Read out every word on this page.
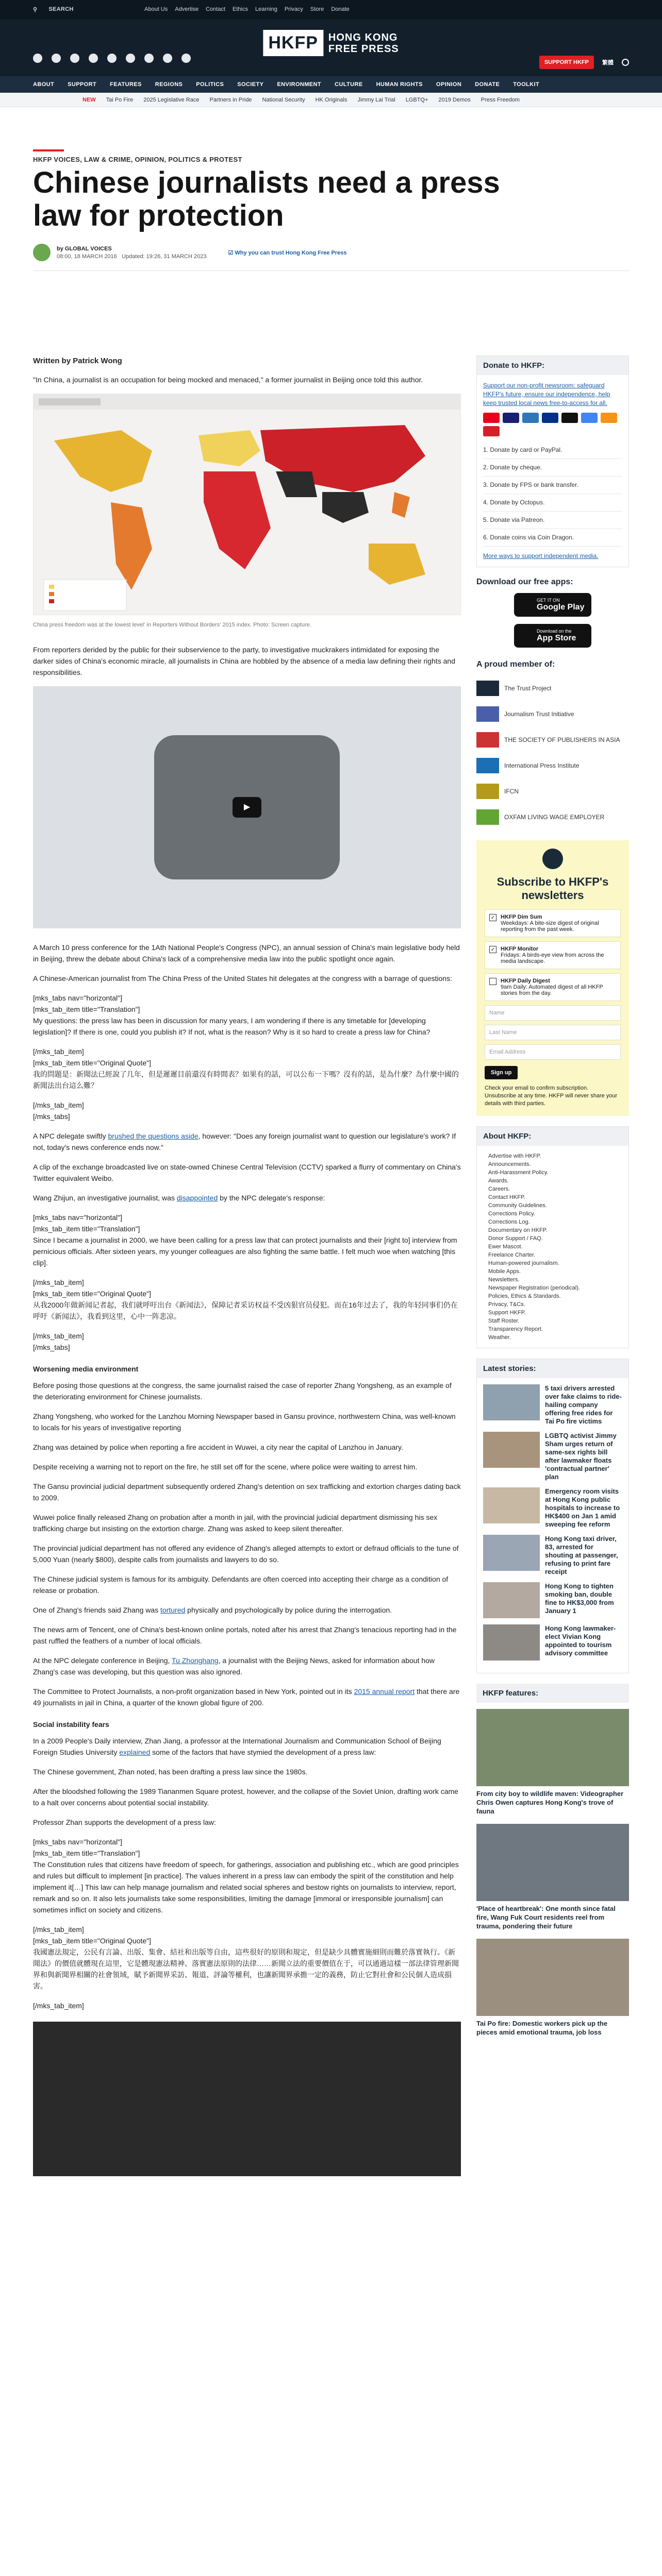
⚲ SEARCH	About Us Advertise Contact Ethics Learning Privacy Store Donate
HKFP	HONG KONG
FREE PRESS
SUPPORT HKFP	繁體
ABOUT SUPPORT FEATURES REGIONS POLITICS SOCIETY ENVIRONMENT CULTURE HUMAN RIGHTS OPINION DONATE TOOLKIT
NEW Tai Po Fire 2025 Legislative Race Partners in Pride National Security HK Originals Jimmy Lai Trial LGBTQ+ 2019 Demos Press Freedom
HKFP VOICES, LAW & CRIME, OPINION, POLITICS & PROTEST
Chinese journalists need a press law for protection
by GLOBAL VOICES
08:00, 18 MARCH 2016 Updated: 19:26, 31 MARCH 2023
☑ Why you can trust Hong Kong Free Press

Written by Patrick Wong

"In China, a journalist is an occupation for being mocked and menaced," a former journalist in Beijing once told this author.

China press freedom was at the lowest level' in Reporters Without Borders' 2015 index. Photo: Screen capture.

From reporters derided by the public for their subservience to the party, to investigative muckrakers intimidated for exposing the darker sides of China's economic miracle, all journalists in China are hobbled by the absence of a media law defining their rights and responsibilities.

▶

A March 10 press conference for the 1Ath National People's Congress (NPC), an annual session of China's main legislative body held in Beijing, threw the debate about China's lack of a comprehensive media law into the public spotlight once again.

A Chinese-American journalist from The China Press of the United States hit delegates at the congress with a barrage of questions:

[mks_tabs nav="horizontal"]
[mks_tab_item title="Translation"]

My questions: the press law has been in discussion for many years, I am wondering if there is any timetable for [developing legislation]? If there is one, could you publish it? If not, what is the reason? Why is it so hard to create a press law for China?

[/mks_tab_item]
[mks_tab_item title="Original Quote"]

我的問題是：新聞法已經說了几年，但是遲遲目前還沒有時間表？如果有的話，可以公布一下嗎？沒有的話，是為什麼？為什麼中國的新聞法出台這么難？

[/mks_tab_item]
[/mks_tabs]

A NPC delegate swiftly brushed the questions aside, however: "Does any foreign journalist want to question our legislature's work? If not, today's news conference ends now."

A clip of the exchange broadcasted live on state-owned Chinese Central Television (CCTV) sparked a flurry of commentary on China's Twitter equivalent Weibo.

Wang Zhijun, an investigative journalist, was disappointed by the NPC delegate's response:

[mks_tabs nav="horizontal"]
[mks_tab_item title="Translation"]

Since I became a journalist in 2000, we have been calling for a press law that can protect journalists and their [right to] interview from pernicious officials. After sixteen years, my younger colleagues are also fighting the same battle. I felt much woe when watching [this clip].

[/mks_tab_item]
[mks_tab_item title="Original Quote"]

从我2000年做新闻记者起，我们就呼吁出台《新闻法》，保障记者采访权益不受凶狠官员侵犯。而在16年过去了，我的年轻同事们仍在呼吁《新闻法》，我看到这里，心中一阵悲凉。

[/mks_tab_item]
[/mks_tabs]
Worsening media environment

Before posing those questions at the congress, the same journalist raised the case of reporter Zhang Yongsheng, as an example of the deteriorating environment for Chinese journalists.

Zhang Yongsheng, who worked for the Lanzhou Morning Newspaper based in Gansu province, northwestern China, was well-known to locals for his years of investigative reporting

Zhang was detained by police when reporting a fire accident in Wuwei, a city near the capital of Lanzhou in January.

Despite receiving a warning not to report on the fire, he still set off for the scene, where police were waiting to arrest him.

The Gansu provincial judicial department subsequently ordered Zhang's detention on sex trafficking and extortion charges dating back to 2009.

Wuwei police finally released Zhang on probation after a month in jail, with the provincial judicial department dismissing his sex trafficking charge but insisting on the extortion charge. Zhang was asked to keep silent thereafter.

The provincial judicial department has not offered any evidence of Zhang's alleged attempts to extort or defraud officials to the tune of 5,000 Yuan (nearly $800), despite calls from journalists and lawyers to do so.

The Chinese judicial system is famous for its ambiguity. Defendants are often coerced into accepting their charge as a condition of release or probation.

One of Zhang's friends said Zhang was tortured physically and psychologically by police during the interrogation.

The news arm of Tencent, one of China's best-known online portals, noted after his arrest that Zhang's tenacious reporting had in the past ruffled the feathers of a number of local officials.

At the NPC delegate conference in Beijing, Tu Zhonghang, a journalist with the Beijing News, asked for information about how Zhang's case was developing, but this question was also ignored.

The Committee to Protect Journalists, a non-profit organization based in New York, pointed out in its 2015 annual report that there are 49 journalists in jail in China, a quarter of the known global figure of 200.

Social instability fears

In a 2009 People's Daily interview, Zhan Jiang, a professor at the International Journalism and Communication School of Beijing Foreign Studies University explained some of the factors that have stymied the development of a press law:

The Chinese government, Zhan noted, has been drafting a press law since the 1980s.

After the bloodshed following the 1989 Tiananmen Square protest, however, and the collapse of the Soviet Union, drafting work came to a halt over concerns about potential social instability.

Professor Zhan supports the development of a press law:

[mks_tabs nav="horizontal"]
[mks_tab_item title="Translation"]

The Constitution rules that citizens have freedom of speech, for gatherings, association and publishing etc., which are good principles and rules but difficult to implement [in practice]. The values inherent in a press law can embody the spirit of the constitution and help implement it[…] This law can help manage journalism and related social spheres and bestow rights on journalists to interview, report, remark and so on. It also lets journalists take some responsibilities, limiting the damage [immoral or irresponsible journalism] can sometimes inflict on society and citizens.

[/mks_tab_item]
[mks_tab_item title="Original Quote"]

我國憲法規定，公民有言論、出版、集會、結社和出版等自由，這些很好的原則和規定，但是缺少具體實施細則而難於落實執行。《新聞法》的價值就體現在這里，它是體現憲法精神、落實憲法原則的法律……新聞立法的重要價值在于，可以通過這樣一部法律管理新聞界和與新聞界相關的社會領域，賦予新聞界采訪、報道、評論等權利，也讓新聞界承擔一定的義務，防止它對社會和公民個人造成損害。

[/mks_tab_item]
Donate to HKFP:
Support our non-profit newsroom: safeguard HKFP's future, ensure our independence, help keep trusted local news free-to-access for all.
1. Donate by card or PayPal.
2. Donate by cheque.
3. Donate by FPS or bank transfer.
4. Donate by Octopus.
5. Donate via Patreon.
6. Donate coins via Coin Dragon.
More ways to support independent media.
Download our free apps:
GET IT ON
Google Play
Download on the
App Store
A proud member of:
The Trust Project
Journalism Trust Initiative
THE SOCIETY OF PUBLISHERS IN ASIA
International Press Institute
IFCN
OXFAM LIVING WAGE EMPLOYER
Subscribe to HKFP's newsletters
✓ HKFP Dim Sum
Weekdays: A bite-size digest of original reporting from the past week.
✓ HKFP Monitor
Fridays: A birds-eye view from across the media landscape.
HKFP Daily Digest
9am Daily: Automated digest of all HKFP stories from the day.
Name
Last Name
Email Address
Sign up
Check your email to confirm subscription. Unsubscribe at any time. HKFP will never share your details with third parties.
About HKFP:
Advertise with HKFP.
Announcements.
Anti-Harassment Policy.
Awards.
Careers.
Contact HKFP.
Community Guidelines.
Corrections Policy.
Corrections Log.
Documentary on HKFP.
Donor Support / FAQ.
Ewer Mascot.
Freelance Charter.
Human-powered journalism.
Mobile Apps.
Newsletters.
Newspaper Registration (periodical).
Policies, Ethics & Standards.
Privacy, T&Cs.
Support HKFP.
Staff Roster.
Transparency Report.
Weather.
Latest stories:
5 taxi drivers arrested over fake claims to ride-hailing company offering free rides for Tai Po fire victims
LGBTQ activist Jimmy Sham urges return of same-sex rights bill after lawmaker floats 'contractual partner' plan
Emergency room visits at Hong Kong public hospitals to increase to HK$400 on Jan 1 amid sweeping fee reform
Hong Kong taxi driver, 83, arrested for shouting at passenger, refusing to print fare receipt
Hong Kong to tighten smoking ban, double fine to HK$3,000 from January 1
Hong Kong lawmaker-elect Vivian Kong appointed to tourism advisory committee
HKFP features:
From city boy to wildlife maven: Videographer Chris Owen captures Hong Kong's trove of fauna
'Place of heartbreak': One month since fatal fire, Wang Fuk Court residents reel from trauma, pondering their future
Tai Po fire: Domestic workers pick up the pieces amid emotional trauma, job loss
